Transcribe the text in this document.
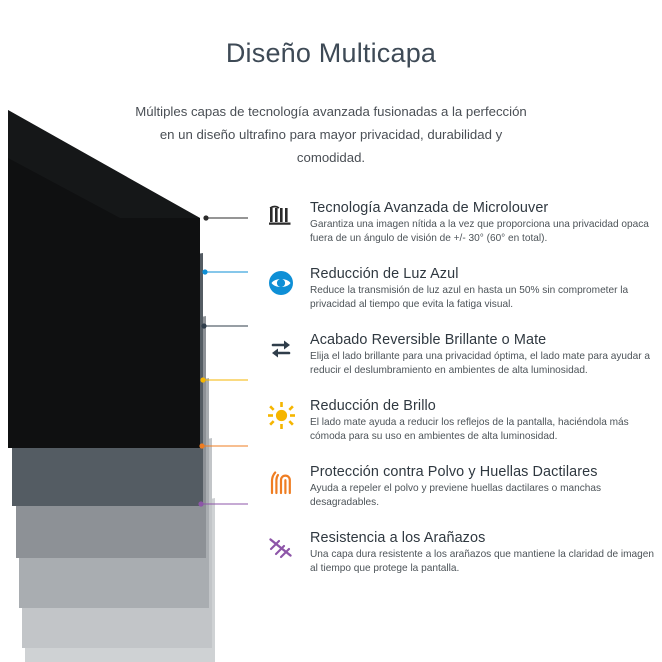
Diseño Multicapa
Múltiples capas de tecnología avanzada fusionadas a la perfección en un diseño ultrafino para mayor privacidad, durabilidad y comodidad.
Tecnología Avanzada de Microlouver

Garantiza una imagen nítida a la vez que proporciona una privacidad opaca fuera de un ángulo de visión de +/- 30° (60° en total).

Reducción de Luz Azul

Reduce la transmisión de luz azul en hasta un 50% sin comprometer la privacidad al tiempo que evita la fatiga visual.

Acabado Reversible Brillante o Mate

Elija el lado brillante para una privacidad óptima, el lado mate para ayudar a reducir el deslumbramiento en ambientes de alta luminosidad.

Reducción de Brillo

El lado mate ayuda a reducir los reflejos de la pantalla, haciéndola más cómoda para su uso en ambientes de alta luminosidad.

Protección contra Polvo y Huellas Dactilares

Ayuda a repeler el polvo y previene huellas dactilares o manchas desagradables.

Resistencia a los Arañazos

Una capa dura resistente a los arañazos que mantiene la claridad de imagen al tiempo que protege la pantalla.
